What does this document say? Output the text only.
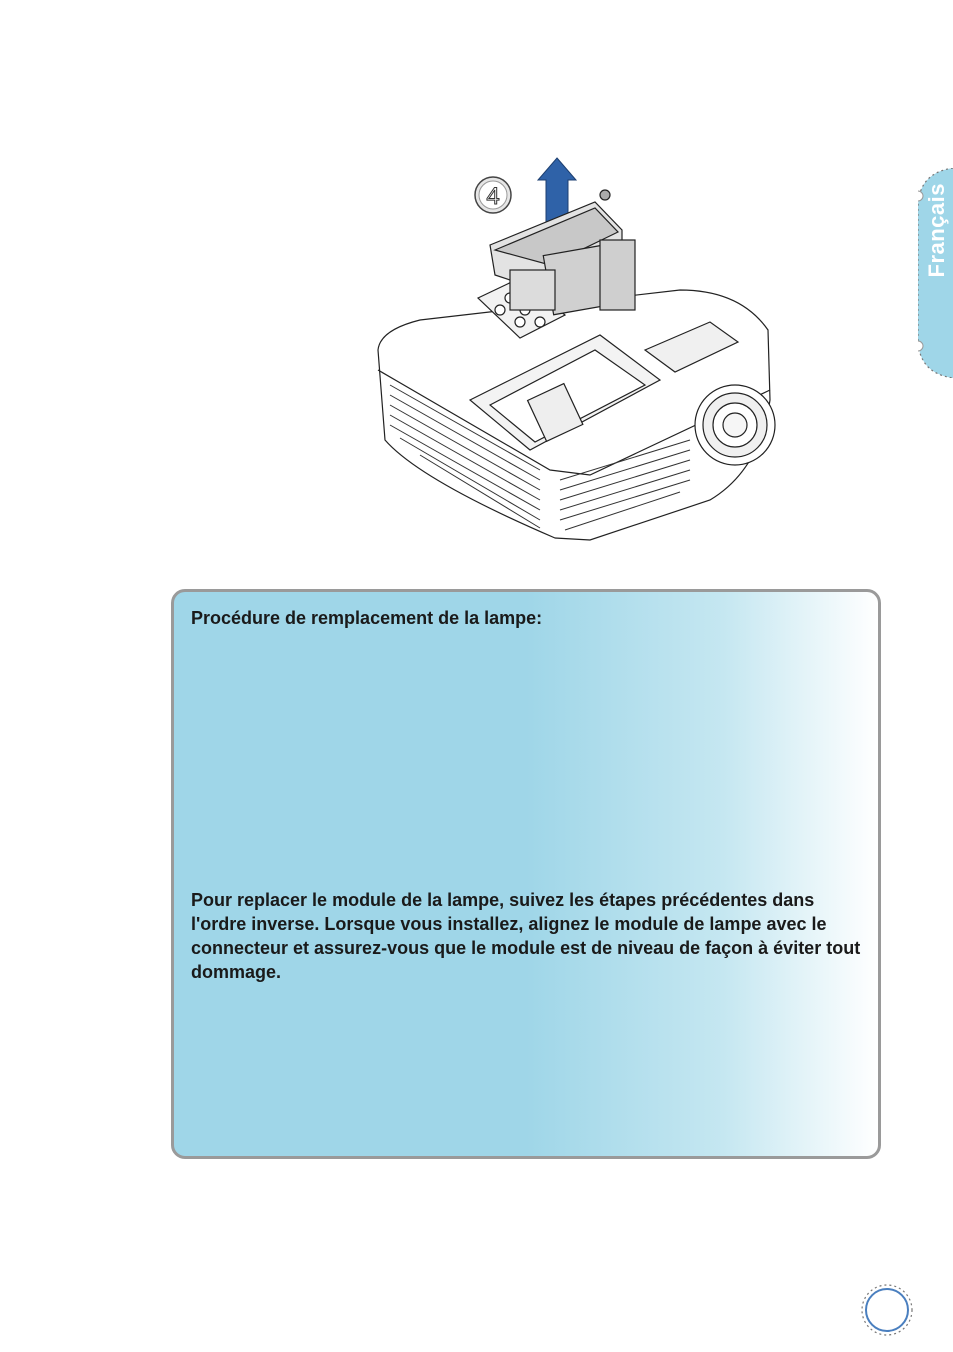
4	Français
Procédure de remplacement de la lampe:

Pour replacer le module de la lampe, suivez les étapes précédentes dans l'ordre inverse. Lorsque vous installez, alignez le module de lampe avec le connecteur et assurez-vous que le module est de niveau de façon à éviter tout dommage.
